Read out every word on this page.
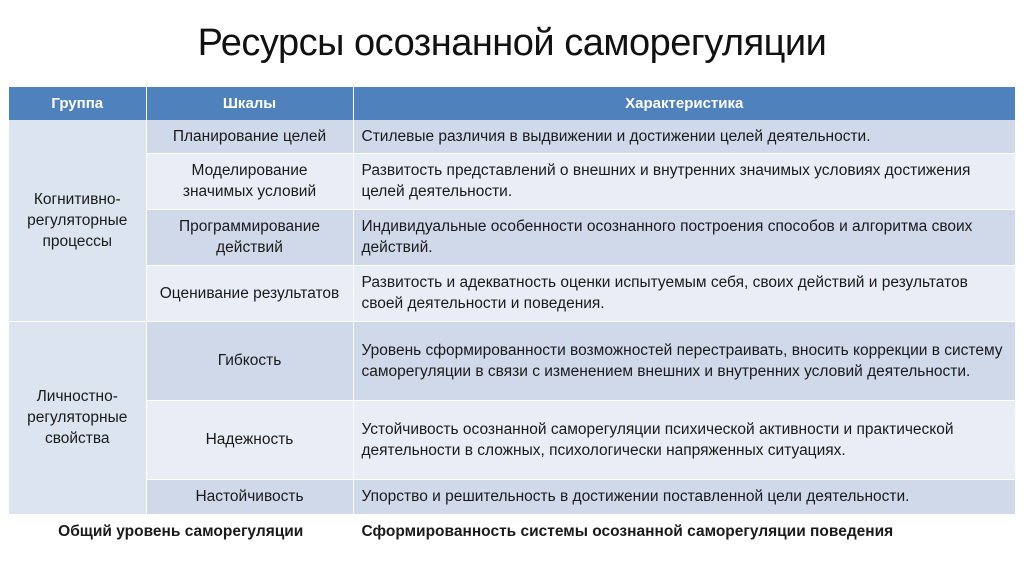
Ресурсы осознанной саморегуляции
Группа	Шкалы	Характеристика
Когнитивно-регуляторные процессы	Планирование целей	Стилевые различия в выдвижении и достижении целей деятельности.
	Моделирование значимых условий	Развитость представлений о внешних и внутренних значимых условиях достижения целей деятельности.
	Программирование действий	Индивидуальные особенности осознанного построения способов и алгоритма своих действий.
	Оценивание результатов	Развитость и адекватность оценки испытуемым себя, своих действий и результатов своей деятельности и поведения.
Личностно-регуляторные свойства	Гибкость	Уровень сформированности возможностей перестраивать, вносить коррекции в систему саморегуляции в связи с изменением внешних и внутренних условий деятельности.
	Надежность	Устойчивость осознанной саморегуляции психической активности и практической деятельности в сложных, психологически напряженных ситуациях.
	Настойчивость	Упорство и решительность в достижении поставленной цели деятельности.
Общий уровень саморегуляции		Сформированность системы осознанной саморегуляции поведения
